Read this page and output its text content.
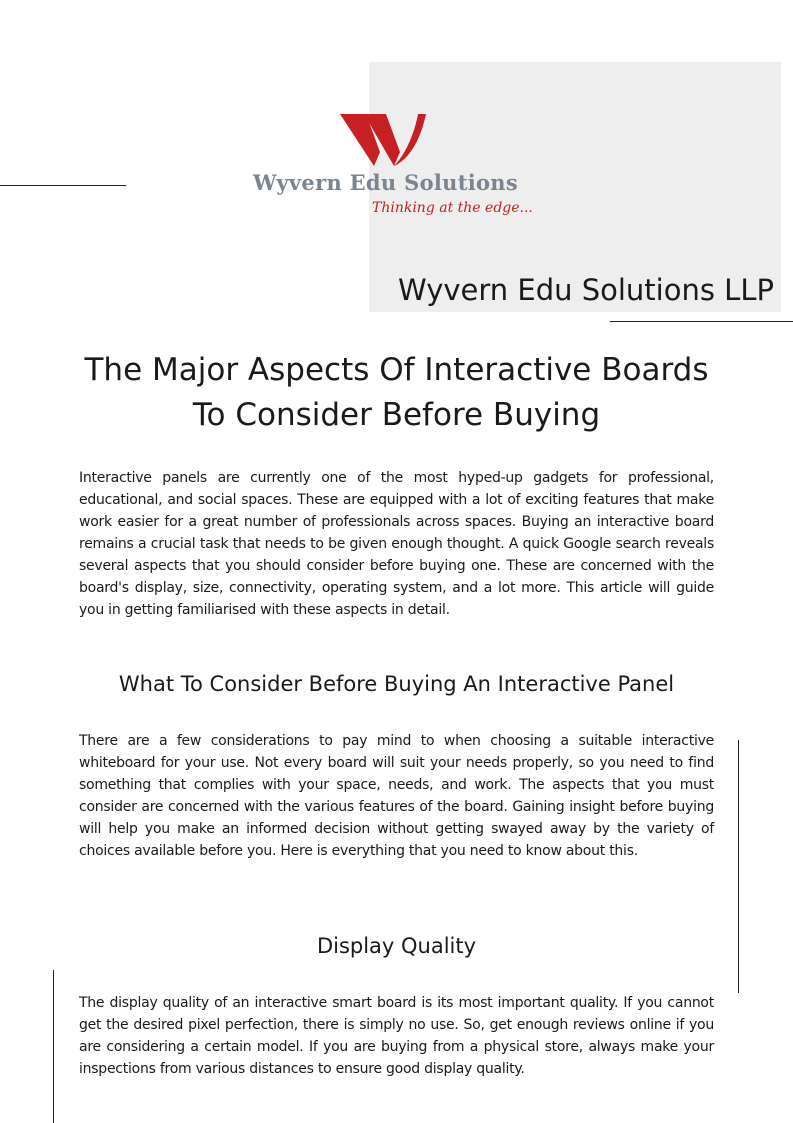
Wyvern Edu Solutions
Thinking at the edge...
Wyvern Edu Solutions LLP
The Major Aspects Of Interactive Boards To Consider Before Buying

Interactive panels are currently one of the most hyped-up gadgets for professional, educational, and social spaces. These are equipped with a lot of exciting features that make work easier for a great number of professionals across spaces. Buying an interactive board remains a crucial task that needs to be given enough thought. A quick Google search reveals several aspects that you should consider before buying one. These are concerned with the board's display, size, connectivity, operating system, and a lot more. This article will guide you in getting familiarised with these aspects in detail.

What To Consider Before Buying An Interactive Panel

There are a few considerations to pay mind to when choosing a suitable interactive whiteboard for your use. Not every board will suit your needs properly, so you need to find something that complies with your space, needs, and work. The aspects that you must consider are concerned with the various features of the board. Gaining insight before buying will help you make an informed decision without getting swayed away by the variety of choices available before you. Here is everything that you need to know about this.

Display Quality

The display quality of an interactive smart board is its most important quality. If you cannot get the desired pixel perfection, there is simply no use. So, get enough reviews online if you are considering a certain model. If you are buying from a physical store, always make your inspections from various distances to ensure good display quality.
